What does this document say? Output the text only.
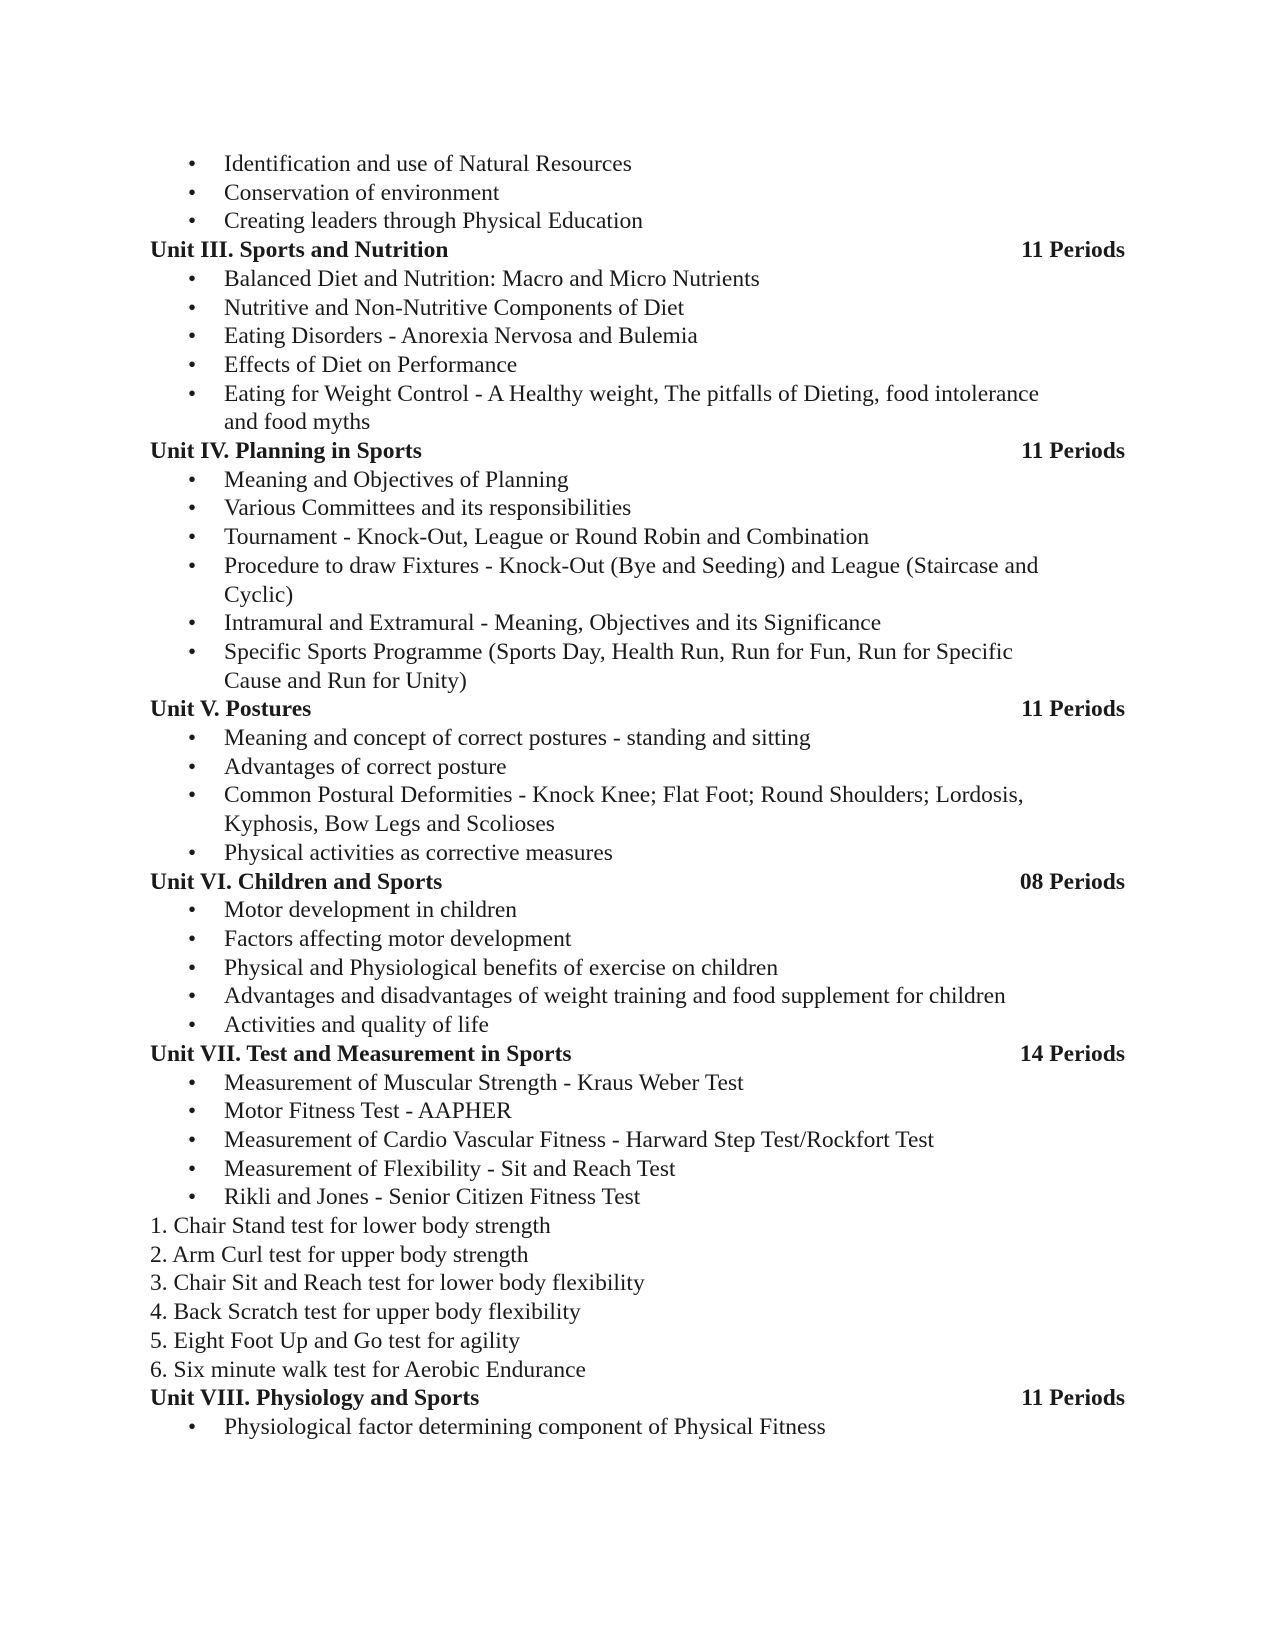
• Identification and use of Natural Resources
• Conservation of environment
• Creating leaders through Physical Education
Unit III. Sports and Nutrition	11 Periods
• Balanced Diet and Nutrition: Macro and Micro Nutrients
• Nutritive and Non-Nutritive Components of Diet
• Eating Disorders - Anorexia Nervosa and Bulemia
• Effects of Diet on Performance
• Eating for Weight Control - A Healthy weight, The pitfalls of Dieting, food intolerance
and food myths
Unit IV. Planning in Sports	11 Periods
• Meaning and Objectives of Planning
• Various Committees and its responsibilities
• Tournament - Knock-Out, League or Round Robin and Combination
• Procedure to draw Fixtures - Knock-Out (Bye and Seeding) and League (Staircase and
Cyclic)
• Intramural and Extramural - Meaning, Objectives and its Significance
• Specific Sports Programme (Sports Day, Health Run, Run for Fun, Run for Specific
Cause and Run for Unity)
Unit V. Postures	11 Periods
• Meaning and concept of correct postures - standing and sitting
• Advantages of correct posture
• Common Postural Deformities - Knock Knee; Flat Foot; Round Shoulders; Lordosis,
Kyphosis, Bow Legs and Scolioses
• Physical activities as corrective measures
Unit VI. Children and Sports	08 Periods
• Motor development in children
• Factors affecting motor development
• Physical and Physiological benefits of exercise on children
• Advantages and disadvantages of weight training and food supplement for children
• Activities and quality of life
Unit VII. Test and Measurement in Sports	14 Periods
• Measurement of Muscular Strength - Kraus Weber Test
• Motor Fitness Test - AAPHER
• Measurement of Cardio Vascular Fitness - Harward Step Test/Rockfort Test
• Measurement of Flexibility - Sit and Reach Test
• Rikli and Jones - Senior Citizen Fitness Test
1. Chair Stand test for lower body strength
2. Arm Curl test for upper body strength
3. Chair Sit and Reach test for lower body flexibility
4. Back Scratch test for upper body flexibility
5. Eight Foot Up and Go test for agility
6. Six minute walk test for Aerobic Endurance
Unit VIII. Physiology and Sports	11 Periods
• Physiological factor determining component of Physical Fitness
